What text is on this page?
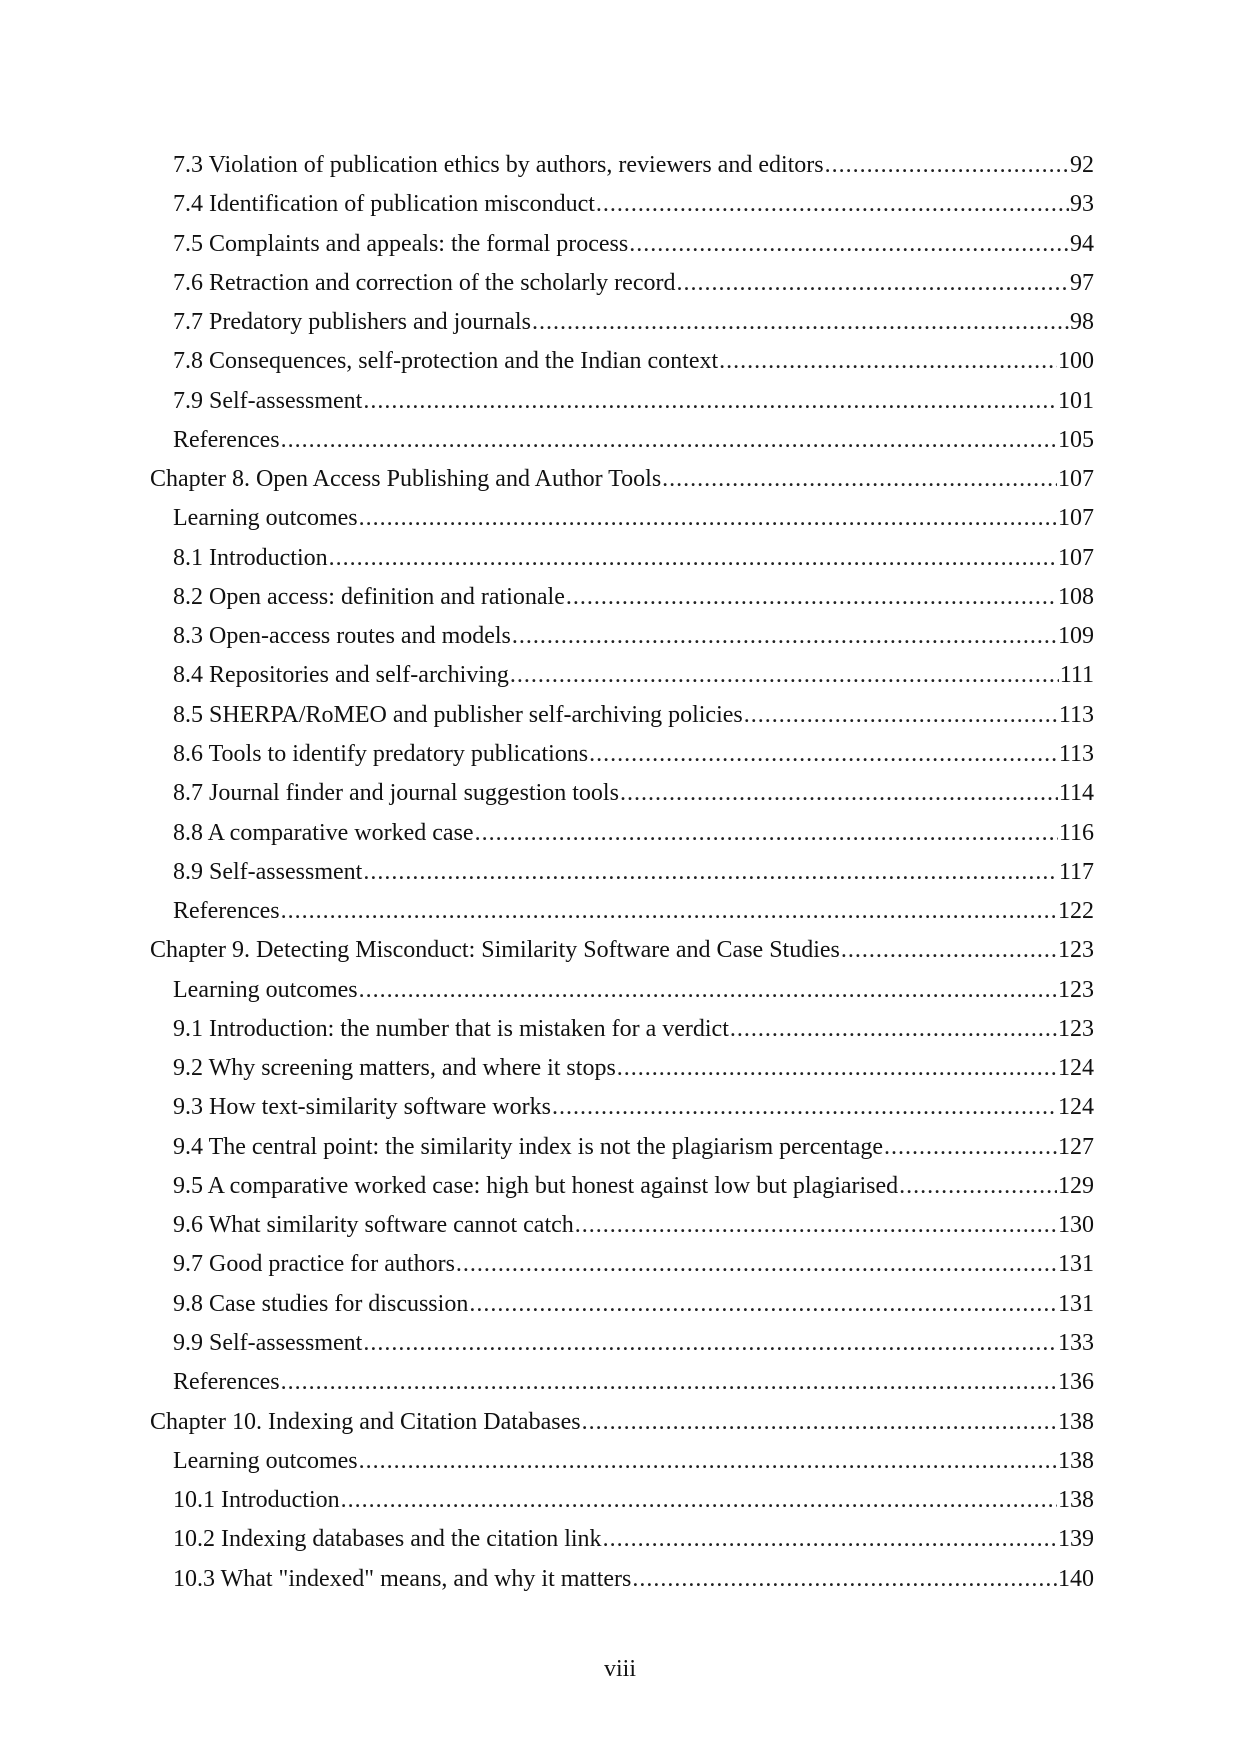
7.3 Violation of publication ethics by authors, reviewers and editors .....	92
7.4 Identification of publication misconduct .....	93
7.5 Complaints and appeals: the formal process .....	94
7.6 Retraction and correction of the scholarly record .....	97
7.7 Predatory publishers and journals .....	98
7.8 Consequences, self-protection and the Indian context .....	100
7.9 Self-assessment .....	101
References .....	105
Chapter 8. Open Access Publishing and Author Tools .....	107
Learning outcomes .....	107
8.1 Introduction .....	107
8.2 Open access: definition and rationale .....	108
8.3 Open-access routes and models .....	109
8.4 Repositories and self-archiving .....	111
8.5 SHERPA/RoMEO and publisher self-archiving policies .....	113
8.6 Tools to identify predatory publications .....	113
8.7 Journal finder and journal suggestion tools .....	114
8.8 A comparative worked case .....	116
8.9 Self-assessment .....	117
References .....	122
Chapter 9. Detecting Misconduct: Similarity Software and Case Studies .....	123
Learning outcomes .....	123
9.1 Introduction: the number that is mistaken for a verdict .....	123
9.2 Why screening matters, and where it stops .....	124
9.3 How text-similarity software works .....	124
9.4 The central point: the similarity index is not the plagiarism percentage .....	127
9.5 A comparative worked case: high but honest against low but plagiarised .....	129
9.6 What similarity software cannot catch .....	130
9.7 Good practice for authors .....	131
9.8 Case studies for discussion .....	131
9.9 Self-assessment .....	133
References .....	136
Chapter 10. Indexing and Citation Databases .....	138
Learning outcomes .....	138
10.1 Introduction .....	138
10.2 Indexing databases and the citation link .....	139
10.3 What "indexed" means, and why it matters .....	140
viii
